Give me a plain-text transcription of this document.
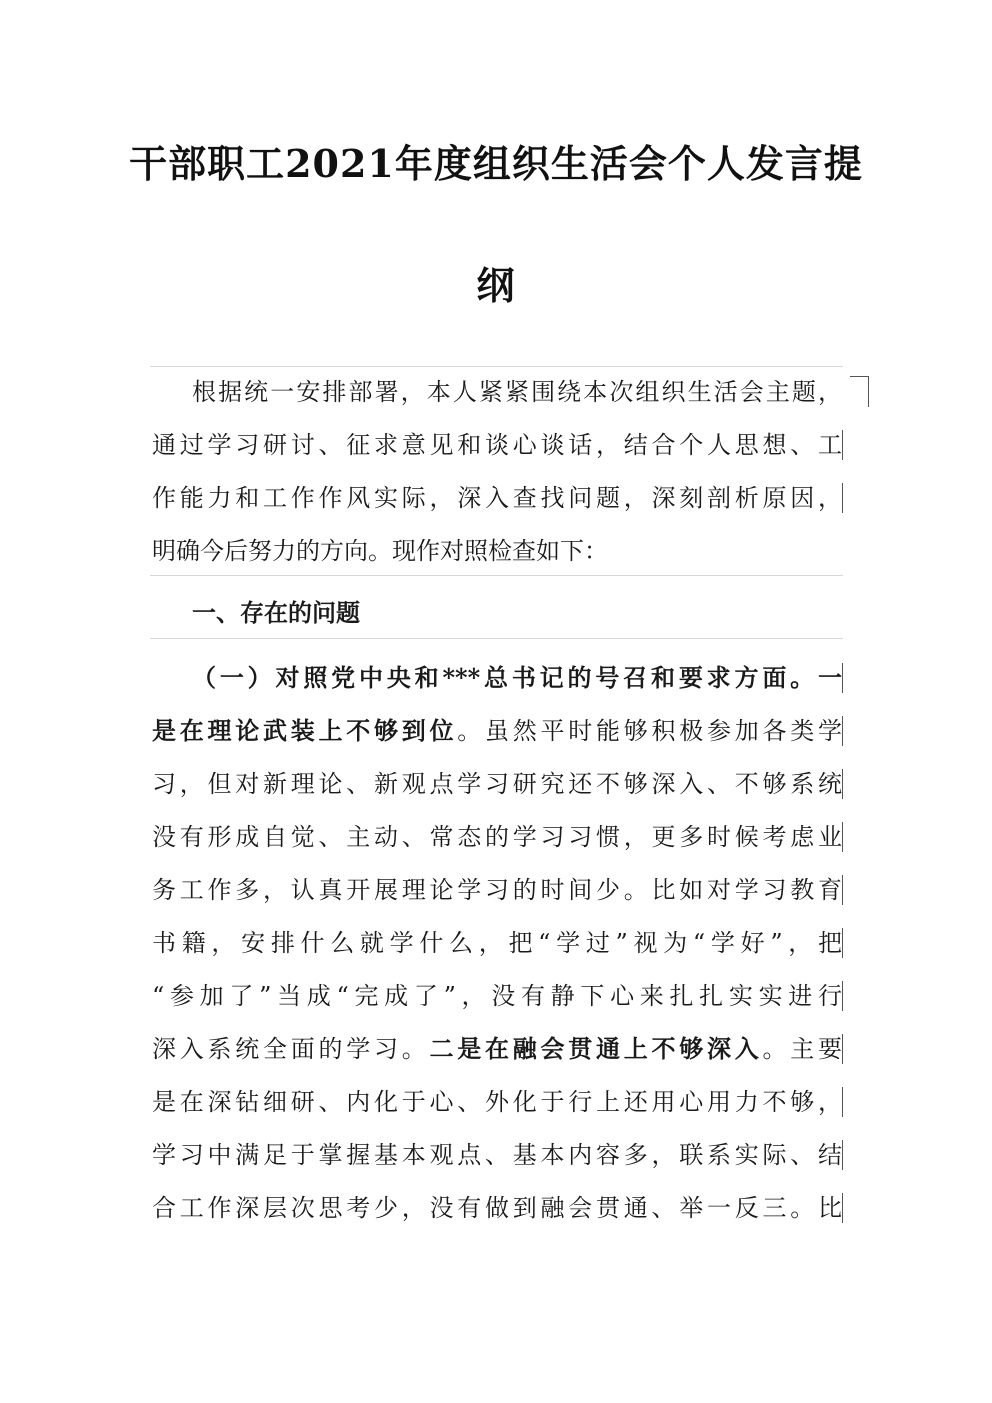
干部职工2021年度组织生活会个人发言提
纲
根据统一安排部署，本人紧紧围绕本次组织生活会主题，
通过学习研讨、征求意见和谈心谈话，结合个人思想、工
作能力和工作作风实际，深入查找问题，深刻剖析原因，
明确今后努力的方向。现作对照检查如下：
一、存在的问题
（一）对照党中央和***总书记的号召和要求方面。一
是在理论武装上不够到位。虽然平时能够积极参加各类学
习，但对新理论、新观点学习研究还不够深入、不够系统
没有形成自觉、主动、常态的学习习惯，更多时候考虑业
务工作多，认真开展理论学习的时间少。比如对学习教育
书籍，安排什么就学什么，把“学过”视为“学好”，把
“参加了”当成“完成了”，没有静下心来扎扎实实进行
深入系统全面的学习。二是在融会贯通上不够深入。主要
是在深钻细研、内化于心、外化于行上还用心用力不够，
学习中满足于掌握基本观点、基本内容多，联系实际、结
合工作深层次思考少，没有做到融会贯通、举一反三。比
